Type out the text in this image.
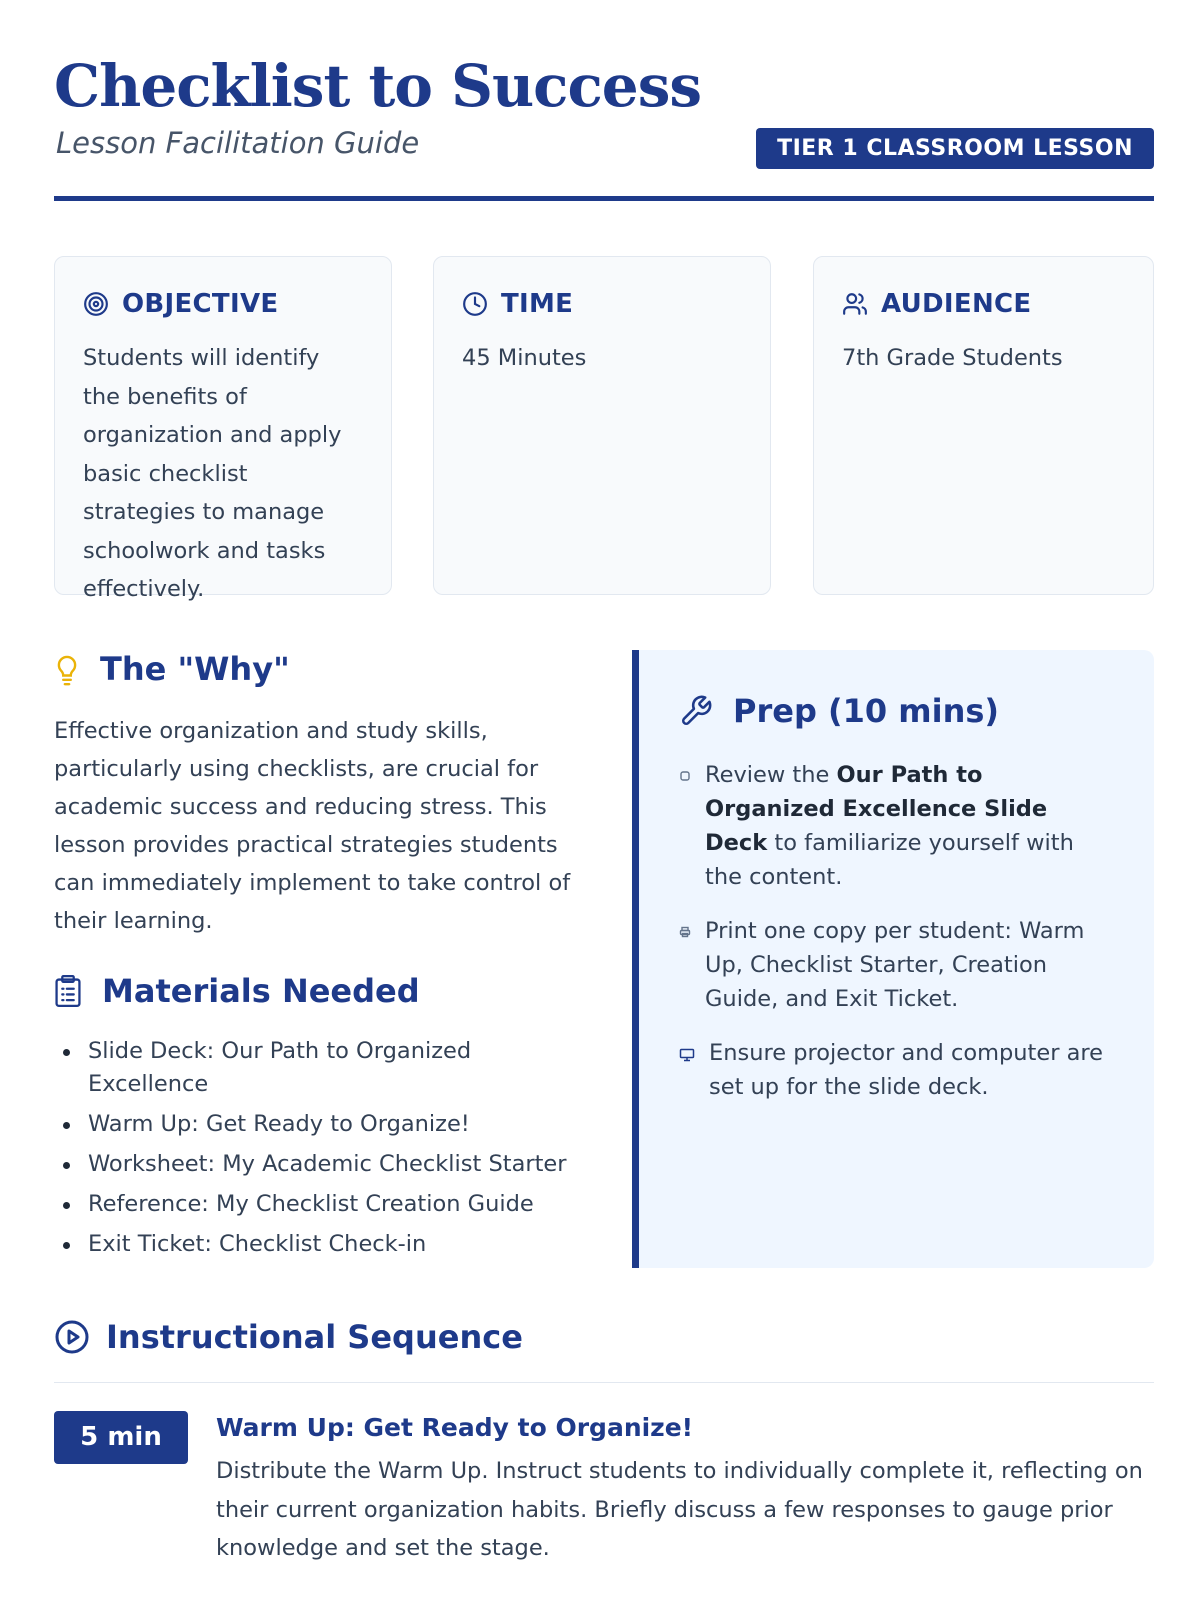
Checklist to Success
Lesson Facilitation Guide	TIER 1 CLASSROOM LESSON
OBJECTIVE
Students will identify the benefits of organization and apply basic checklist strategies to manage schoolwork and tasks effectively.
TIME
45 Minutes
AUDIENCE
7th Grade Students
The "Why"
Effective organization and study skills, particularly using checklists, are crucial for academic success and reducing stress. This lesson provides practical strategies students can immediately implement to take control of their learning.
Materials Needed
Slide Deck: Our Path to Organized Excellence
Warm Up: Get Ready to Organize!
Worksheet: My Academic Checklist Starter
Reference: My Checklist Creation Guide
Exit Ticket: Checklist Check-in
Prep (10 mins)
Review the Our Path to Organized Excellence Slide Deck to familiarize yourself with the content.
Print one copy per student: Warm Up, Checklist Starter, Creation Guide, and Exit Ticket.
Ensure projector and computer are set up for the slide deck.
Instructional Sequence
5 min	Warm Up: Get Ready to Organize!
Distribute the Warm Up. Instruct students to individually complete it, reflecting on their current organization habits. Briefly discuss a few responses to gauge prior knowledge and set the stage.
